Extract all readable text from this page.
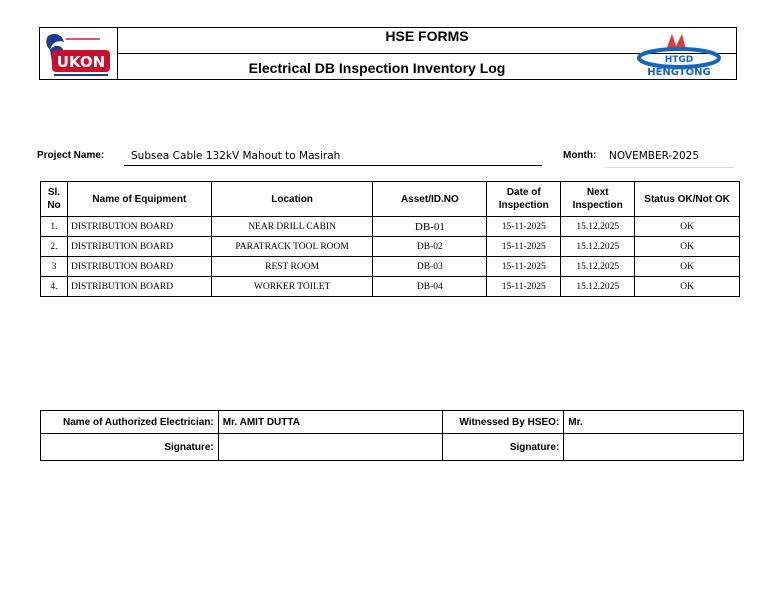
UKON
HSE FORMS
Electrical DB Inspection Inventory Log	HTGD
HENGTONG
Project Name:	Subsea Cable 132kV Mahout to Masirah	Month:	NOVEMBER-2025
Sl. No	Name of Equipment	Location	Asset/ID.NO	Date of Inspection	Next Inspection	Status OK/Not OK
1.	DISTRIBUTION BOARD	NEAR DRILL CABIN	DB-01	15-11-2025	15.12.2025	OK
2.	DISTRIBUTION BOARD	PARATRACK TOOL ROOM	DB-02	15-11-2025	15.12.2025	OK
3	DISTRIBUTION BOARD	REST ROOM	DB-03	15-11-2025	15.12.2025	OK
4.	DISTRIBUTION BOARD	WORKER TOILET	DB-04	15-11-2025	15.12.2025	OK
Name of Authorized Electrician:	Mr. AMIT DUTTA	Witnessed By HSEO:	Mr.
Signature:		Signature:	
